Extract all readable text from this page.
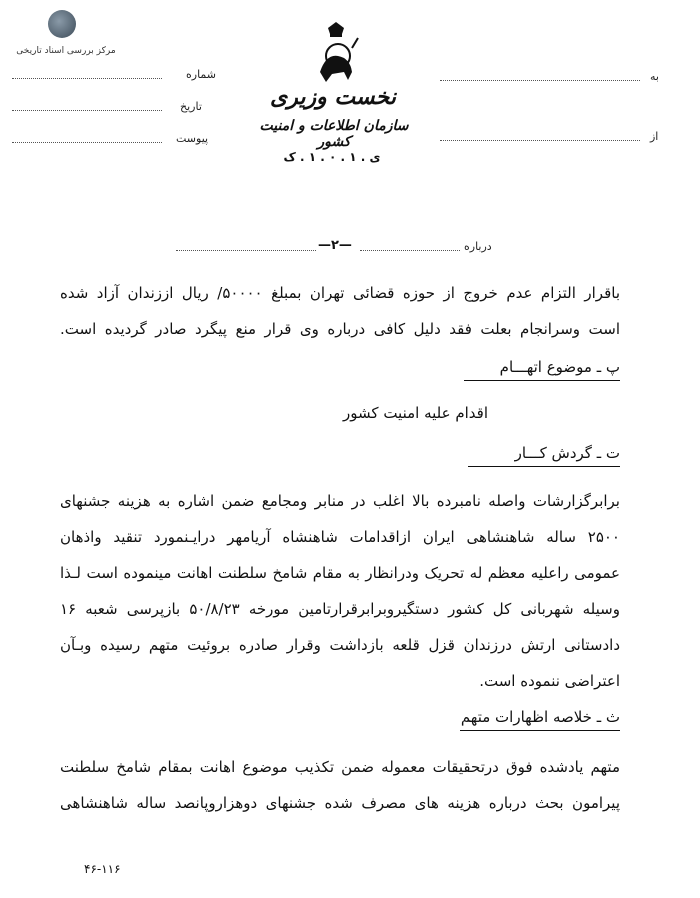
مرکز بررسی اسناد تاریخی
نخست وزیری
سازمان اطلاعات و امنیت کشور
ی . ۱ . ۰ . ۱ . ک
شماره
تاریخ
پیوست
به
از
—۲—	درباره
باقرار التزام عدم خروج از حوزه قضائی تهران بمبلغ ۵۰۰۰۰/ ریال اززندان آزاد شده
است وسرانجام بعلت فقد دلیل کافی درباره وی قرار منع پیگرد صادر گردیده است.
پ ـ موضوع اتهـــام
اقدام علیه امنیت کشور
ت ـ گردش کـــار
برابرگزارشات واصله نامبرده بالا اغلب در منابر ومجامع ضمن اشاره به هزینه جشنهای
۲۵۰۰ ساله شاهنشاهی ایران ازاقدامات شاهنشاه آریامهر درایـنمورد تنقید واذهان
عمومی راعلیه معظم له تحریک ودرانظار به مقام شامخ سلطنت اهانت مینموده است لـذا
وسیله شهربانی کل کشور دستگیروبرابرقرارتامین مورخه ۵۰/۸/۲۳ بازپرسی شعبه ۱۶
دادستانی ارتش درزندان قزل قلعه بازداشت وقرار صادره بروئیت متهم رسیده وبـآن
اعتراضی ننموده است.
ث ـ خلاصه اظهارات متهم
متهم یادشده فوق درتحقیقات معموله ضمن تکذیب موضوع اهانت بمقام شامخ سلطنت
پیرامون بحث درباره هزینه های مصرف شده جشنهای دوهزاروپانصد ساله شاهنشاهی
۴۶-۱۱۶
